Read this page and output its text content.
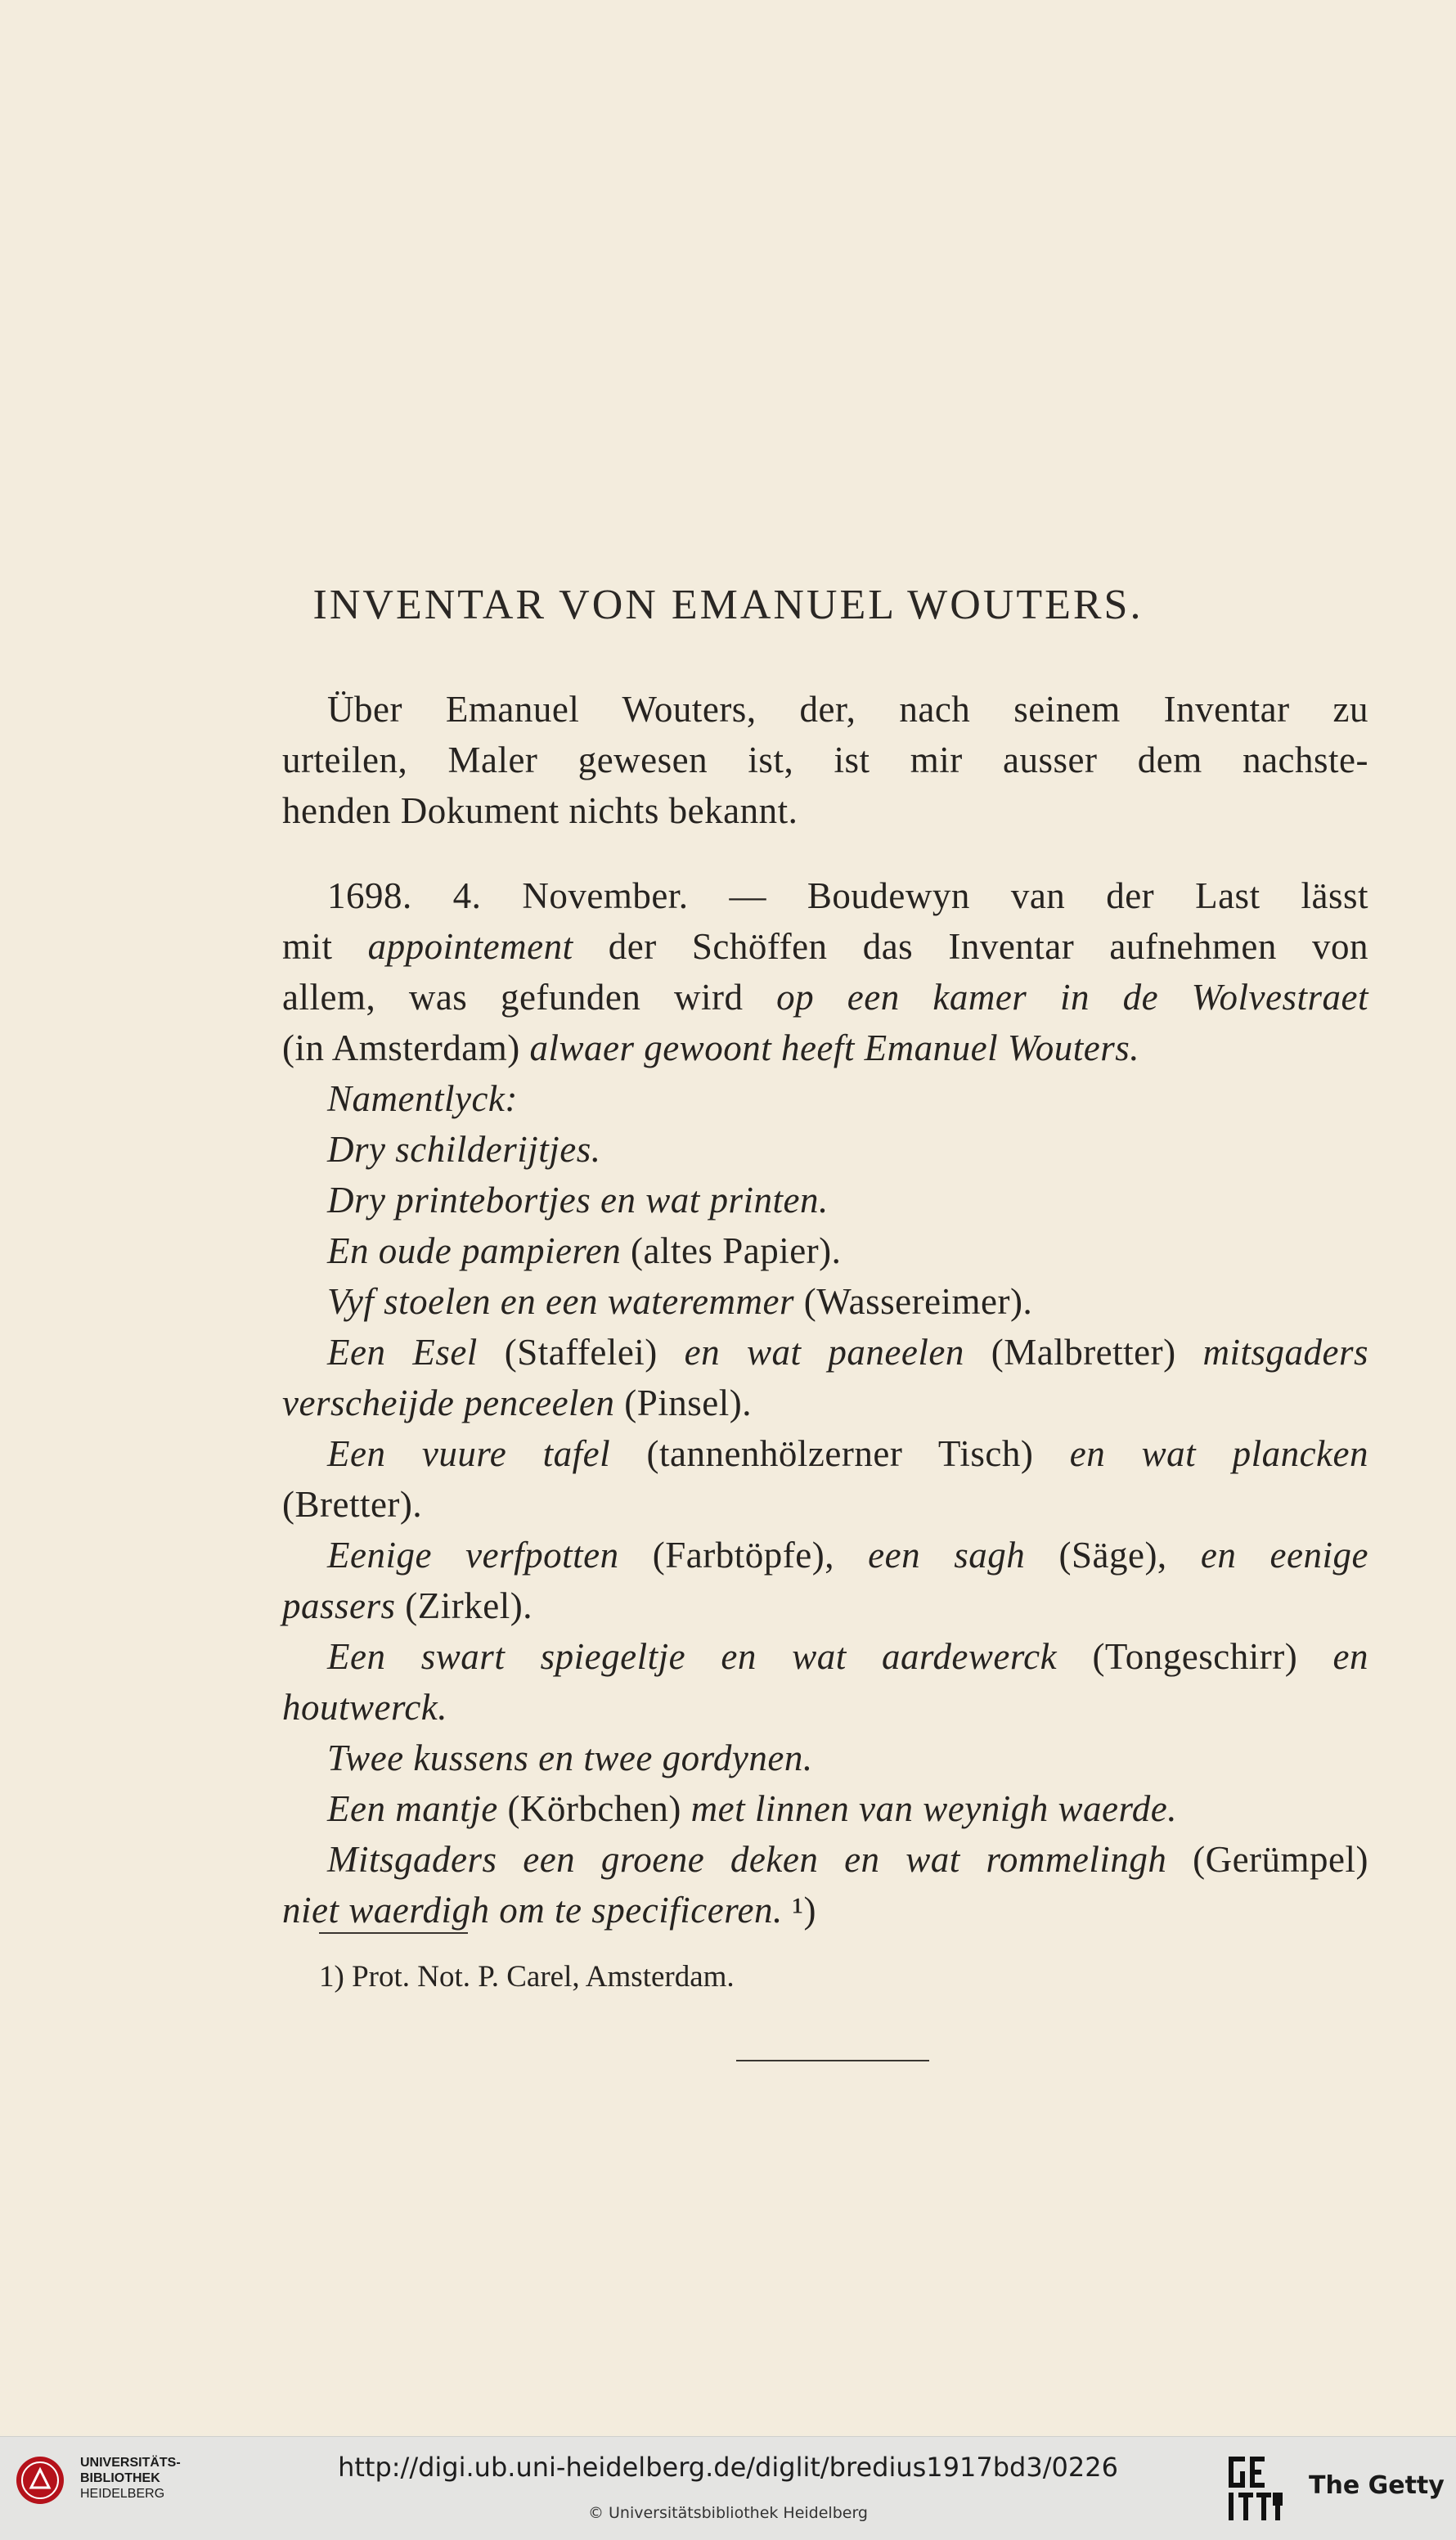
INVENTAR VON EMANUEL WOUTERS.
Über Emanuel Wouters, der, nach seinem Inventar zu
urteilen, Maler gewesen ist, ist mir ausser dem nachste-
henden Dokument nichts bekannt.
1698. 4. November. — Boudewyn van der Last lässt
mit appointement der Schöffen das Inventar aufnehmen von
allem, was gefunden wird op een kamer in de Wolvestraet
(in Amsterdam) alwaer gewoont heeft Emanuel Wouters.
Namentlyck:
Dry schilderijtjes.
Dry printebortjes en wat printen.
En oude pampieren (altes Papier).
Vyf stoelen en een wateremmer (Wassereimer).
Een Esel (Staffelei) en wat paneelen (Malbretter) mitsgaders
verscheijde penceelen (Pinsel).
Een vuure tafel (tannenhölzerner Tisch) en wat plancken
(Bretter).
Eenige verfpotten (Farbtöpfe), een sagh (Säge), en eenige
passers (Zirkel).
Een swart spiegeltje en wat aardewerck (Tongeschirr) en
houtwerck.
Twee kussens en twee gordynen.
Een mantje (Körbchen) met linnen van weynigh waerde.
Mitsgaders een groene deken en wat rommelingh (Gerümpel)
niet waerdigh om te specificeren. ¹)
1) Prot. Not. P. Carel, Amsterdam.
UNIVERSITÄTS-
BIBLIOTHEK
HEIDELBERG
http://digi.ub.uni-heidelberg.de/diglit/bredius1917bd3/0226
© Universitätsbibliothek Heidelberg
The Getty
